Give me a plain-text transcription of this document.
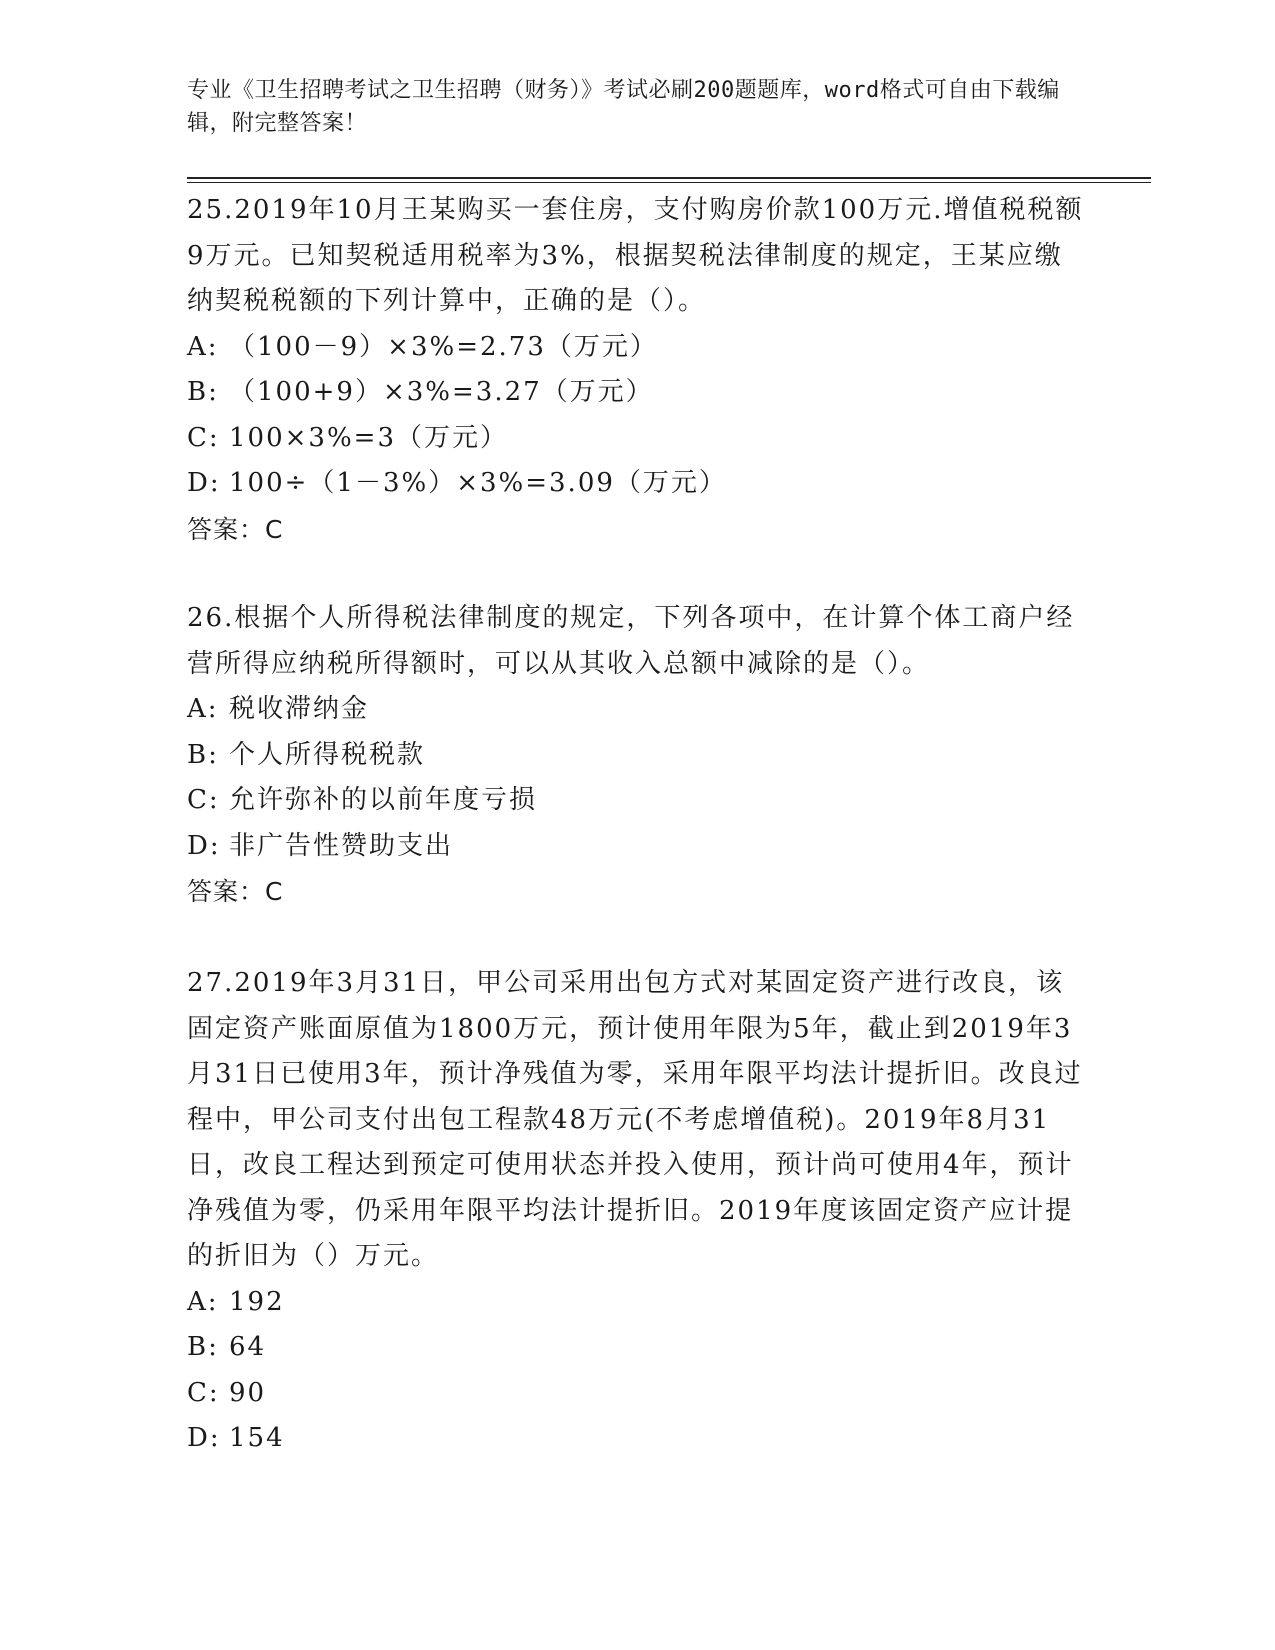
专业《卫生招聘考试之卫生招聘（财务）》考试必刷200题题库，word格式可自由下载编辑，附完整答案！

25.2019年10月王某购买一套住房，支付购房价款100万元.增值税税额9万元。已知契税适用税率为3%，根据契税法律制度的规定，王某应缴纳契税税额的下列计算中，正确的是（）。

A: （100－9）×3%=2.73（万元）

B: （100+9）×3%=3.27（万元）

C: 100×3%=3（万元）

D: 100÷（1－3%）×3%=3.09（万元）

答案：C

26.根据个人所得税法律制度的规定，下列各项中，在计算个体工商户经营所得应纳税所得额时，可以从其收入总额中减除的是（）。

A: 税收滞纳金

B: 个人所得税税款

C: 允许弥补的以前年度亏损

D: 非广告性赞助支出

答案：C

27.2019年3月31日，甲公司采用出包方式对某固定资产进行改良，该固定资产账面原值为1800万元，预计使用年限为5年，截止到2019年3月31日已使用3年，预计净残值为零，采用年限平均法计提折旧。改良过程中，甲公司支付出包工程款48万元(不考虑增值税)。2019年8月31日，改良工程达到预定可使用状态并投入使用，预计尚可使用4年，预计净残值为零，仍采用年限平均法计提折旧。2019年度该固定资产应计提的折旧为（）万元。

A: 192

B: 64

C: 90

D: 154
